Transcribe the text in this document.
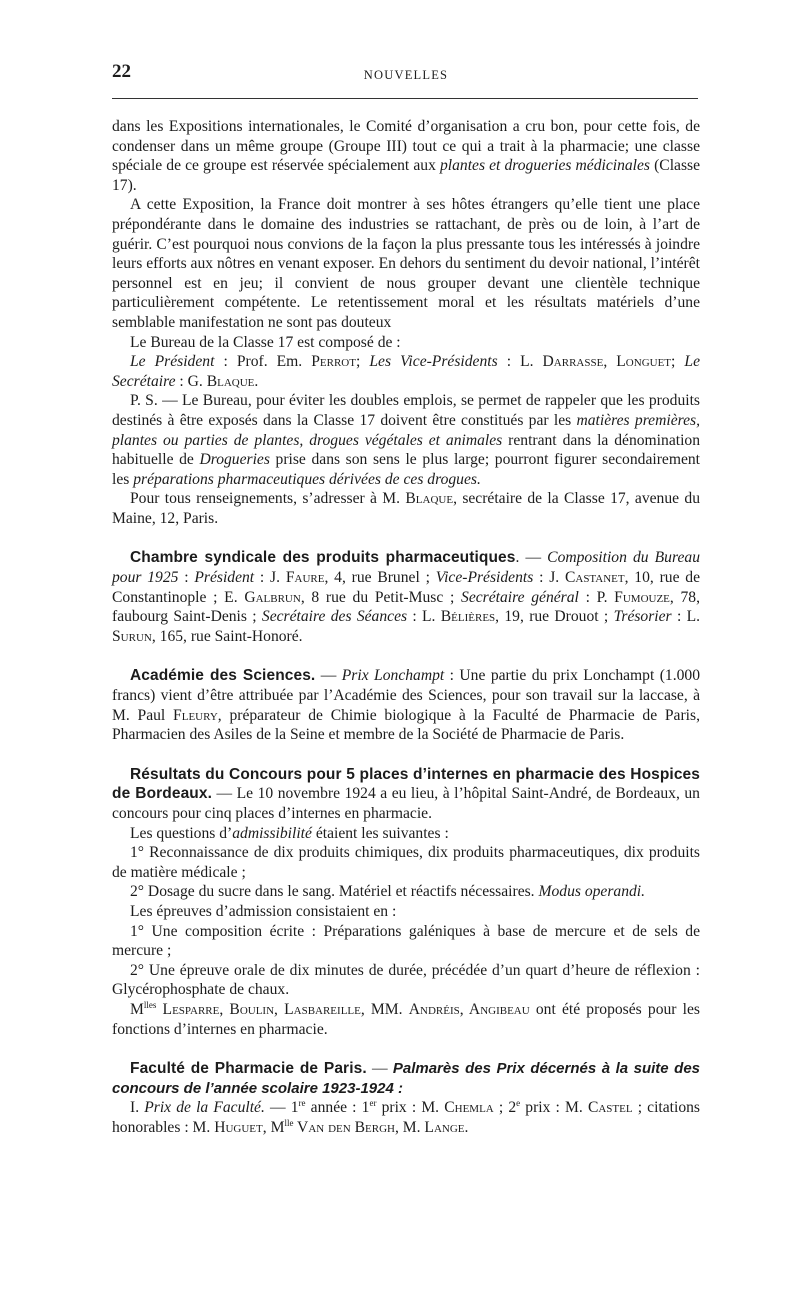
22	NOUVELLES

dans les Expositions internationales, le Comité d’organisation a cru bon, pour cette fois, de condenser dans un même groupe (Groupe III) tout ce qui a trait à la pharmacie; une classe spéciale de ce groupe est réservée spécialement aux plantes et drogueries médicinales (Classe 17).

A cette Exposition, la France doit montrer à ses hôtes étrangers qu’elle tient une place prépondérante dans le domaine des industries se rattachant, de près ou de loin, à l’art de guérir. C’est pourquoi nous convions de la façon la plus pressante tous les intéressés à joindre leurs efforts aux nôtres en venant exposer. En dehors du sentiment du devoir national, l’intérêt personnel est en jeu; il convient de nous grouper devant une clientèle technique particulièrement compétente. Le retentissement moral et les résultats matériels d’une semblable manifestation ne sont pas douteux

Le Bureau de la Classe 17 est composé de :

Le Président : Prof. Em. Perrot; Les Vice-Présidents : L. Darrasse, Longuet; Le Secrétaire : G. Blaque.

P. S. — Le Bureau, pour éviter les doubles emplois, se permet de rappeler que les produits destinés à être exposés dans la Classe 17 doivent être constitués par les matières premières, plantes ou parties de plantes, drogues végétales et animales rentrant dans la dénomination habituelle de Drogueries prise dans son sens le plus large; pourront figurer secondairement les préparations pharmaceutiques dérivées de ces drogues.

Pour tous renseignements, s’adresser à M. Blaque, secrétaire de la Classe 17, avenue du Maine, 12, Paris.

Chambre syndicale des produits pharmaceutiques. — Composition du Bureau pour 1925 : Président : J. Faure, 4, rue Brunel ; Vice-Présidents : J. Castanet, 10, rue de Constantinople ; E. Galbrun, 8 rue du Petit-Musc ; Secrétaire général : P. Fumouze, 78, faubourg Saint-Denis ; Secrétaire des Séances : L. Bélières, 19, rue Drouot ; Trésorier : L. Surun, 165, rue Saint-Honoré.

Académie des Sciences. — Prix Lonchampt : Une partie du prix Lonchampt (1.000 francs) vient d’être attribuée par l’Académie des Sciences, pour son travail sur la laccase, à M. Paul Fleury, préparateur de Chimie biologique à la Faculté de Pharmacie de Paris, Pharmacien des Asiles de la Seine et membre de la Société de Pharmacie de Paris.

Résultats du Concours pour 5 places d’internes en pharmacie des Hospices de Bordeaux. — Le 10 novembre 1924 a eu lieu, à l’hôpital Saint-André, de Bordeaux, un concours pour cinq places d’internes en pharmacie.

Les questions d’admissibilité étaient les suivantes :

1° Reconnaissance de dix produits chimiques, dix produits pharmaceutiques, dix produits de matière médicale ;

2° Dosage du sucre dans le sang. Matériel et réactifs nécessaires. Modus operandi.

Les épreuves d’admission consistaient en :

1° Une composition écrite : Préparations galéniques à base de mercure et de sels de mercure ;

2° Une épreuve orale de dix minutes de durée, précédée d’un quart d’heure de réflexion : Glycérophosphate de chaux.

$M^{lles}$ Lesparre, Boulin, Lasbareille, MM. Andréis, Angibeau ont été proposés pour les fonctions d’internes en pharmacie.

Faculté de Pharmacie de Paris. — Palmarès des Prix décernés à la suite des concours de l’année scolaire 1923-1924 :

I. Prix de la Faculté. — 1re année : 1er prix : M. Chemla ; 2e prix : M. Castel ; citations honorables : M. Huguet, $M^{lle}$ Van den Bergh, M. Lange.
